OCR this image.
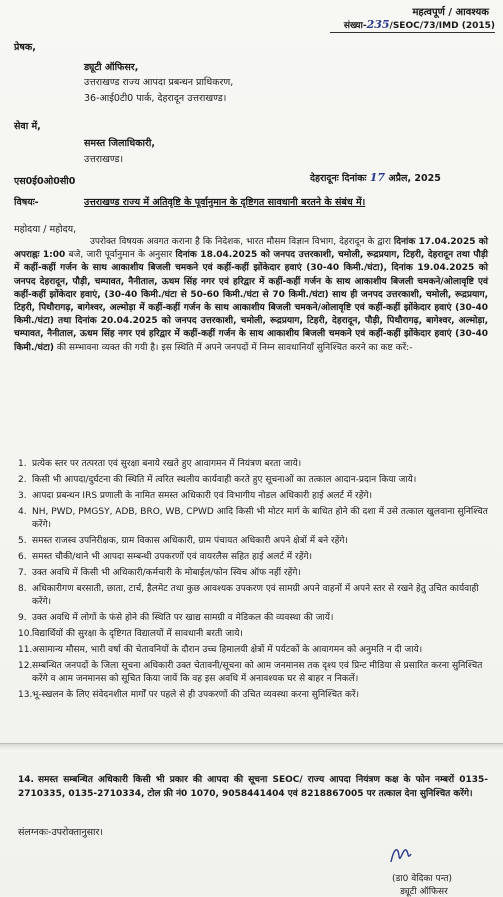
महत्वपूर्ण / आवश्यक
संख्या-235/SEOC/73/IMD (2015)
प्रेषक,
ड्यूटी ऑफिसर,
उत्तराखण्ड राज्य आपदा प्रबन्धन प्राधिकरण,
36-आई0टी0 पार्क, देहरादून उत्तराखण्ड।
सेवा में,
समस्त जिलाधिकारी,
उत्तराखण्ड।
एस0ई0ओ0सी0	देहरादूनः दिनांकः 17 अप्रैल, 2025
विषयः-	उत्तराखण्ड राज्य में अतिवृष्टि के पूर्वानुमान के दृष्टिगत सावधानी बरतने के संबंध में।
महोदया / महोदय,
उपरोक्त विषयक अवगत कराना है कि निदेशक, भारत मौसम विज्ञान विभाग, देहरादून के द्वारा दिनांक 17.04.2025 को अपराह्नः 1:00 बजे, जारी पूर्वानुमान के अनुसार दिनांक 18.04.2025 को जनपद उत्तरकाशी, चमोली, रूद्रप्रयाग, टिहरी, देहरादून तथा पौड़ी में कहीं-कहीं गर्जन के साथ आकाशीय बिजली चमकने एवं कहीं-कहीं झोंकेदार हवाएं (30-40 किमी./घंटा), दिनांक 19.04.2025 को जनपद देहरादून, पौड़ी, चम्पावत, नैनीताल, ऊधम सिंह नगर एवं हरिद्वार में कहीं-कहीं गर्जन के साथ आकाशीय बिजली चमकने/ओलावृष्टि एवं कहीं-कहीं झोंकेदार हवाएं, (30-40 किमी./घंटा से 50-60 किमी./घंटा से 70 किमी./घंटा) साथ ही जनपद उत्तरकाशी, चमोली, रूद्रप्रयाग, टिहरी, पिथौरागढ़, बागेश्वर, अल्मोड़ा में कहीं-कहीं गर्जन के साथ आकाशीय बिजली चमकने/ओलावृष्टि एवं कहीं-कहीं झोंकेदार हवाएं (30-40 किमी./घंटा) तथा दिनांक 20.04.2025 को जनपद उत्तरकाशी, चमोली, रूद्रप्रयाग, टिहरी, देहरादून, पौड़ी, पिथौरागढ़, बागेश्वर, अल्मोड़ा, चम्पावत, नैनीताल, ऊधम सिंह नगर एवं हरिद्वार में कहीं-कहीं गर्जन के साथ आकाशीय बिजली चमकने एवं कहीं-कहीं झोंकेदार हवाएं (30-40 किमी./घंटा) की सम्भावना व्यक्त की गयी है। इस स्थिति में अपने जनपदों में निम्न सावधानियाँ सुनिश्चित करने का कष्ट करें:-
1. प्रत्येक स्तर पर तत्परता एवं सुरक्षा बनाये रखते हुए आवागमन में नियंत्रण बरता जाये।
2. किसी भी आपदा/दुर्घटना की स्थिति में त्वरित स्थलीय कार्यवाही करते हुए सूचनाओं का तत्काल आदान-प्रदान किया जाये।
3. आपदा प्रबन्धन IRS प्रणाली के नामित समस्त अधिकारी एवं विभागीय नोडल अधिकारी हाई अलर्ट में रहेंगे।
4. NH, PWD, PMGSY, ADB, BRO, WB, CPWD आदि किसी भी मोटर मार्ग के बाधित होने की दशा में उसे तत्काल खुलवाना सुनिश्चित करेंगे।
5. समस्त राजस्व उपनिरीक्षक, ग्राम विकास अधिकारी, ग्राम पंचायत अधिकारी अपने क्षेत्रों में बने रहेंगे।
6. समस्त चौकी/थाने भी आपदा सम्बन्धी उपकरणों एवं वायरलैस सहित हाई अलर्ट में रहेंगे।
7. उक्त अवधि में किसी भी अधिकारी/कर्मचारी के मोबाईल/फोन स्विच ऑफ नहीं रहेंगे।
8. अधिकारीगण बरसाती, छाता, टार्च, हैलमेट तथा कुछ आवश्यक उपकरण एवं सामग्री अपने वाहनों में अपने स्तर से रखने हेतु उचित कार्यवाही करेंगे।
9. उक्त अवधि में लोगों के फंसे होने की स्थिति पर खाद्य सामग्री व मेडिकल की व्यवस्था की जायें।
10. विद्यार्थियों की सुरक्षा के दृष्टिगत विद्यालयों में सावधानी बरती जाये।
11. असामान्य मौसम, भारी वर्षा की चेतावनियों के दौरान उच्च हिमालयी क्षेत्रों में पर्यटकों के आवागमन को अनुमति न दी जाये।
12. सम्बन्धित जनपदों के जिला सूचना अधिकारी उक्त चेतावनी/सूचना को आम जनमानस तक दृश्य एवं प्रिन्ट मीडिया से प्रसारित करना सुनिश्चित करेंगे व आम जनमानस को सूचित किया जायें कि वह इस अवधि में अनावश्यक घर से बाहर न निकलें।
13. भू-स्खलन के लिए संवेदनशील मार्गों पर पहले से ही उपकरणों की उचित व्यवस्था करना सुनिश्चित करें।
14. समस्त सम्बन्धित अधिकारी किसी भी प्रकार की आपदा की सूचना SEOC/ राज्य आपदा नियंत्रण कक्ष के फोन नम्बरों 0135-2710335, 0135-2710334, टोल फ्री नं0 1070, 9058441404 एवं 8218867005 पर तत्काल देना सुनिश्चित करेंगे।
संलग्नकः-उपरोक्तानुसार।
(डा0 वेदिका पन्त)
ड्यूटी ऑफिसर
